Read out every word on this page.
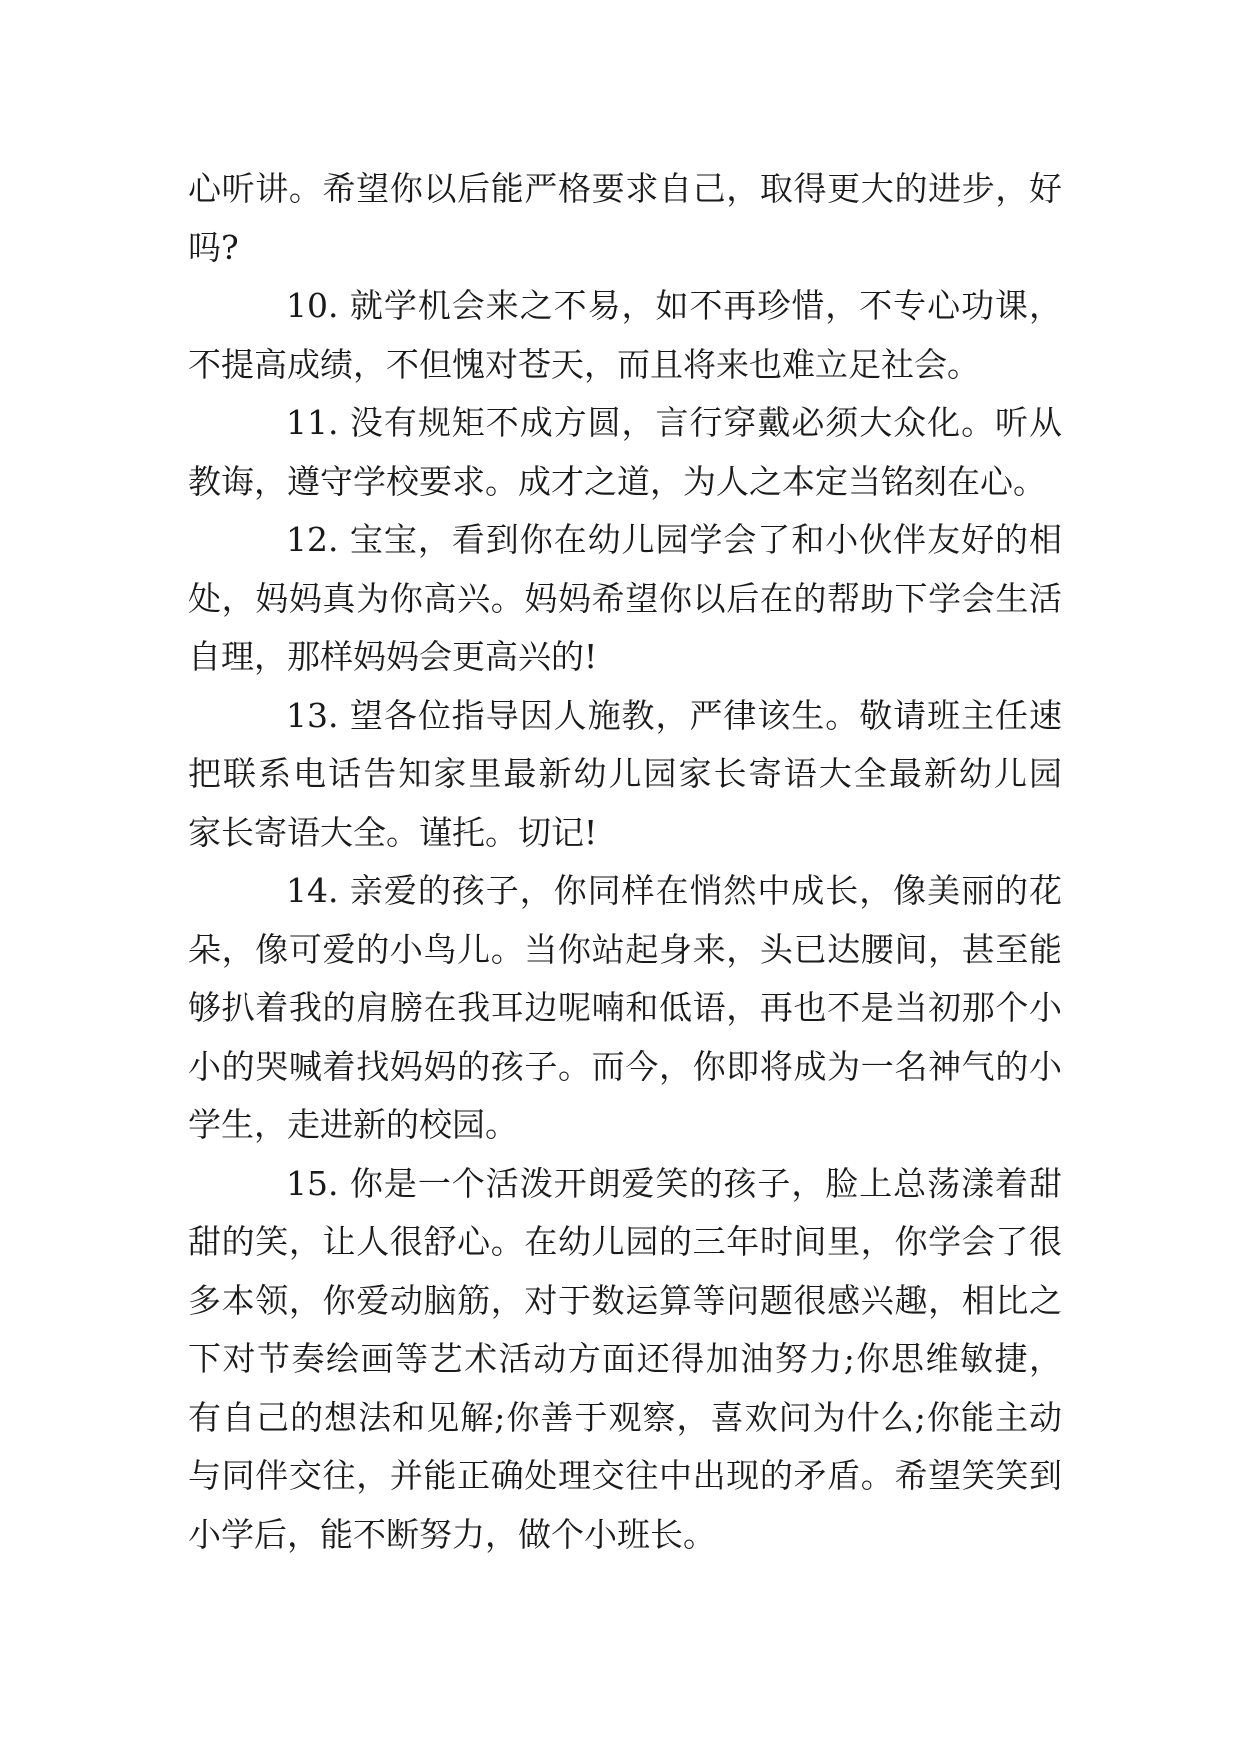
心听讲。希望你以后能严格要求自己，取得更大的进步，好
吗?
10. 就学机会来之不易，如不再珍惜，不专心功课，
不提高成绩，不但愧对苍天，而且将来也难立足社会。
11. 没有规矩不成方圆，言行穿戴必须大众化。听从
教诲，遵守学校要求。成才之道，为人之本定当铭刻在心。
12. 宝宝，看到你在幼儿园学会了和小伙伴友好的相
处，妈妈真为你高兴。妈妈希望你以后在的帮助下学会生活
自理，那样妈妈会更高兴的!
13. 望各位指导因人施教，严律该生。敬请班主任速
把联系电话告知家里最新幼儿园家长寄语大全最新幼儿园
家长寄语大全。谨托。切记!
14. 亲爱的孩子，你同样在悄然中成长，像美丽的花
朵，像可爱的小鸟儿。当你站起身来，头已达腰间，甚至能
够扒着我的肩膀在我耳边呢喃和低语，再也不是当初那个小
小的哭喊着找妈妈的孩子。而今，你即将成为一名神气的小
学生，走进新的校园。
15. 你是一个活泼开朗爱笑的孩子，脸上总荡漾着甜
甜的笑，让人很舒心。在幼儿园的三年时间里，你学会了很
多本领，你爱动脑筋，对于数运算等问题很感兴趣，相比之
下对节奏绘画等艺术活动方面还得加油努力;你思维敏捷，
有自己的想法和见解;你善于观察，喜欢问为什么;你能主动
与同伴交往，并能正确处理交往中出现的矛盾。希望笑笑到
小学后，能不断努力，做个小班长。
